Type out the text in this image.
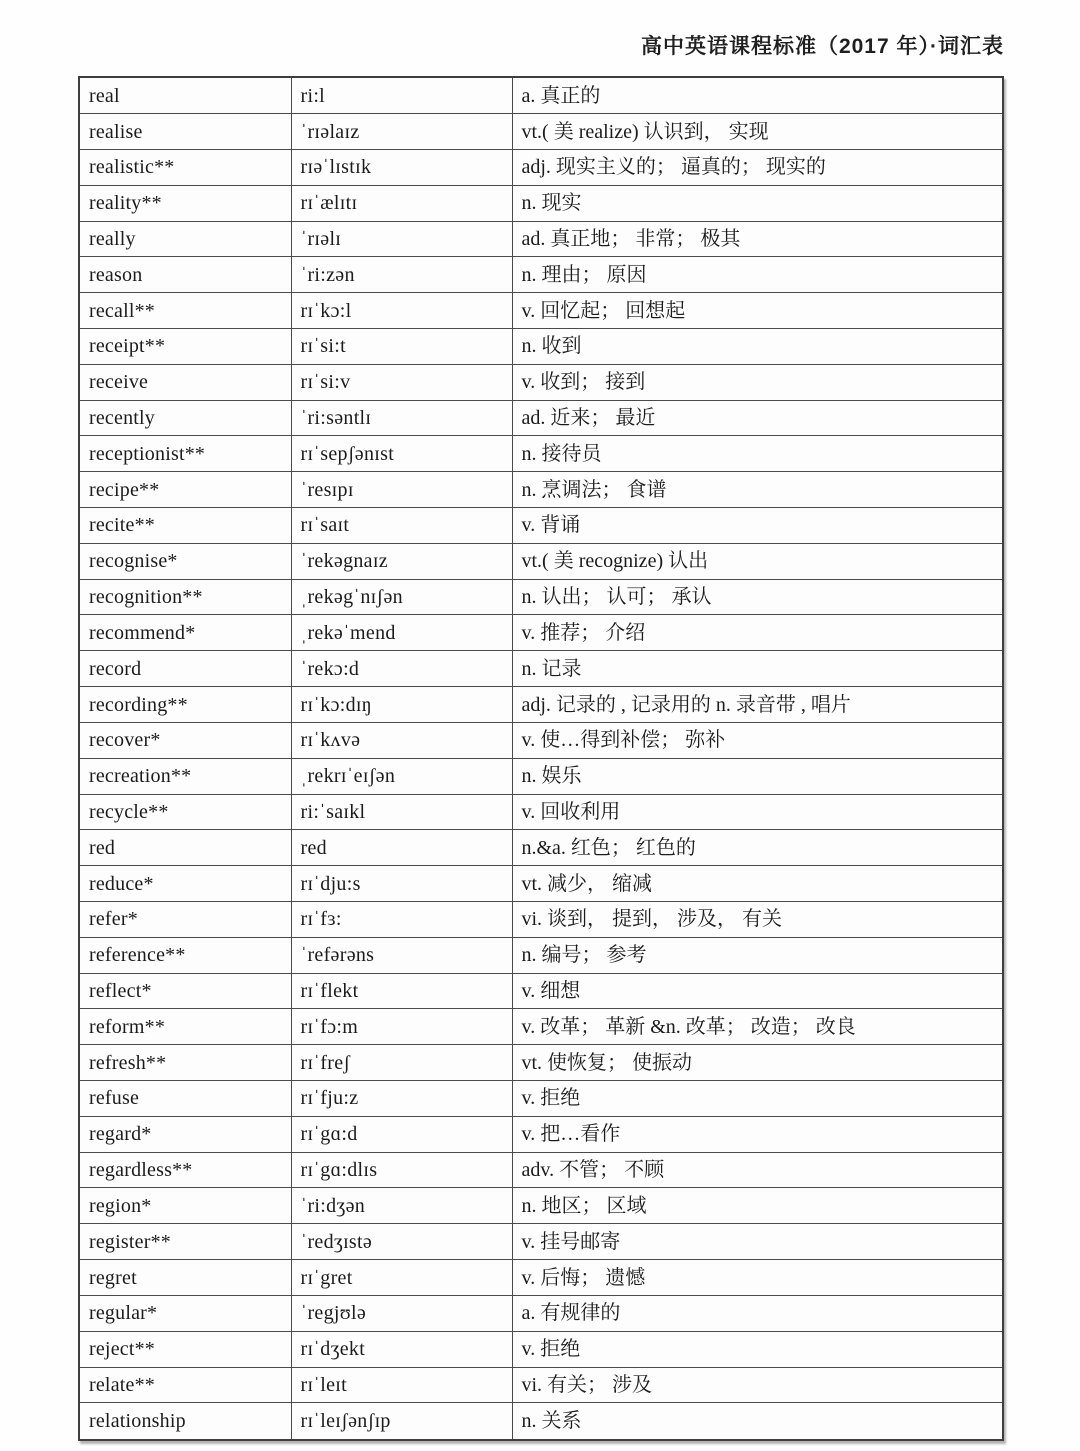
高中英语课程标准（2017 年）·词汇表
real	ri:l	a. 真正的
realise	ˈrɪəlaɪz	vt.( 美 realize) 认识到， 实现
realistic**	rɪəˈlɪstɪk	adj. 现实主义的； 逼真的； 现实的
reality**	rɪˈælɪtɪ	n. 现实
really	ˈrɪəlɪ	ad. 真正地； 非常； 极其
reason	ˈri:zən	n. 理由； 原因
recall**	rɪˈkɔ:l	v. 回忆起； 回想起
receipt**	rɪˈsi:t	n. 收到
receive	rɪˈsi:v	v. 收到； 接到
recently	ˈri:səntlɪ	ad. 近来； 最近
receptionist**	rɪˈsepʃənɪst	n. 接待员
recipe**	ˈresɪpɪ	n. 烹调法； 食谱
recite**	rɪˈsaɪt	v. 背诵
recognise*	ˈrekəgnaɪz	vt.( 美 recognize) 认出
recognition**	ˌrekəgˈnɪʃən	n. 认出； 认可； 承认
recommend*	ˌrekəˈmend	v. 推荐； 介绍
record	ˈrekɔ:d	n. 记录
recording**	rɪˈkɔ:dɪŋ	adj. 记录的 , 记录用的 n. 录音带 , 唱片
recover*	rɪˈkʌvə	v. 使…得到补偿； 弥补
recreation**	ˌrekrɪˈeɪʃən	n. 娱乐
recycle**	ri:ˈsaɪkl	v. 回收利用
red	red	n.&a. 红色； 红色的
reduce*	rɪˈdju:s	vt. 减少， 缩减
refer*	rɪˈfɜ:	vi. 谈到， 提到， 涉及， 有关
reference**	ˈrefərəns	n. 编号； 参考
reflect*	rɪˈflekt	v. 细想
reform**	rɪˈfɔ:m	v. 改革； 革新 &n. 改革； 改造； 改良
refresh**	rɪˈfreʃ	vt. 使恢复； 使振动
refuse	rɪˈfju:z	v. 拒绝
regard*	rɪˈgɑ:d	v. 把…看作
regardless**	rɪˈgɑ:dlɪs	adv. 不管； 不顾
region*	ˈri:dʒən	n. 地区； 区域
register**	ˈredʒɪstə	v. 挂号邮寄
regret	rɪˈgret	v. 后悔； 遗憾
regular*	ˈregjʊlə	a. 有规律的
reject**	rɪˈdʒekt	v. 拒绝
relate**	rɪˈleɪt	vi. 有关； 涉及
relationship	rɪˈleɪʃənʃɪp	n. 关系
